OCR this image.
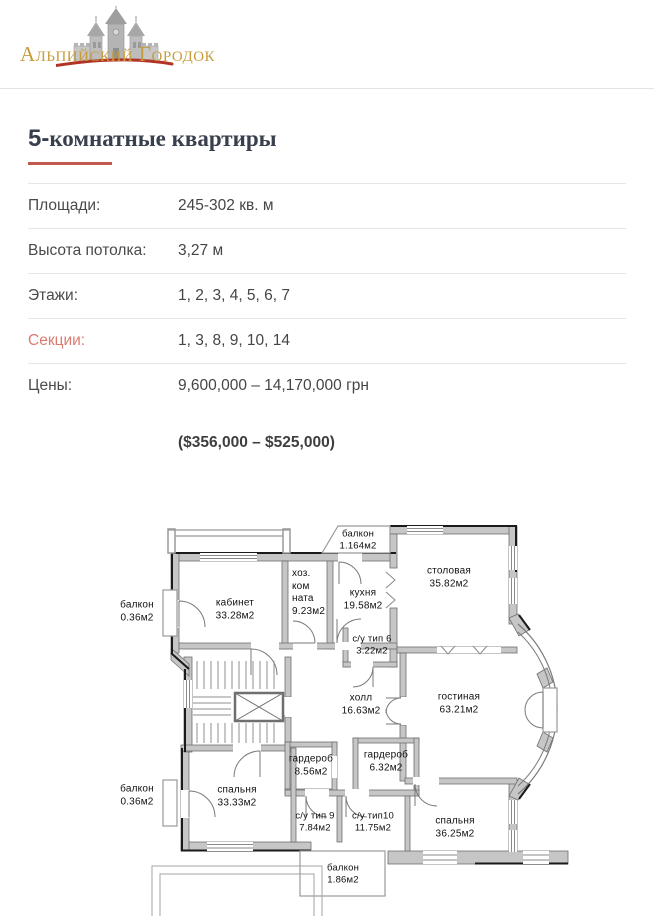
Альпийский Городок
5-комнатные квартиры
Площади:	245-302 кв. м
Высота потолка:	3,27 м
Этажи:	1, 2, 3, 4, 5, 6, 7
Секции:	1, 3, 8, 9, 10, 14
Цены:	9,600,000 – 14,170,000 грн
($356,000 – $525,000)
балкон
0.36м2
кабинет
33.28м2
хоз. ком ната 9.23м2
балкон
1.164м2
кухня
19.58м2
столовая
35.82м2
с/у тип 6
3.22м2
холл
16.63м2
гостиная
63.21м2
гардероб
8.56м2
гардероб
6.32м2
балкон
0.36м2
спальня
33.33м2
с/у тип 9
7.84м2
с/у тип10
11.75м2
спальня
36.25м2
балкон
1.86м2
